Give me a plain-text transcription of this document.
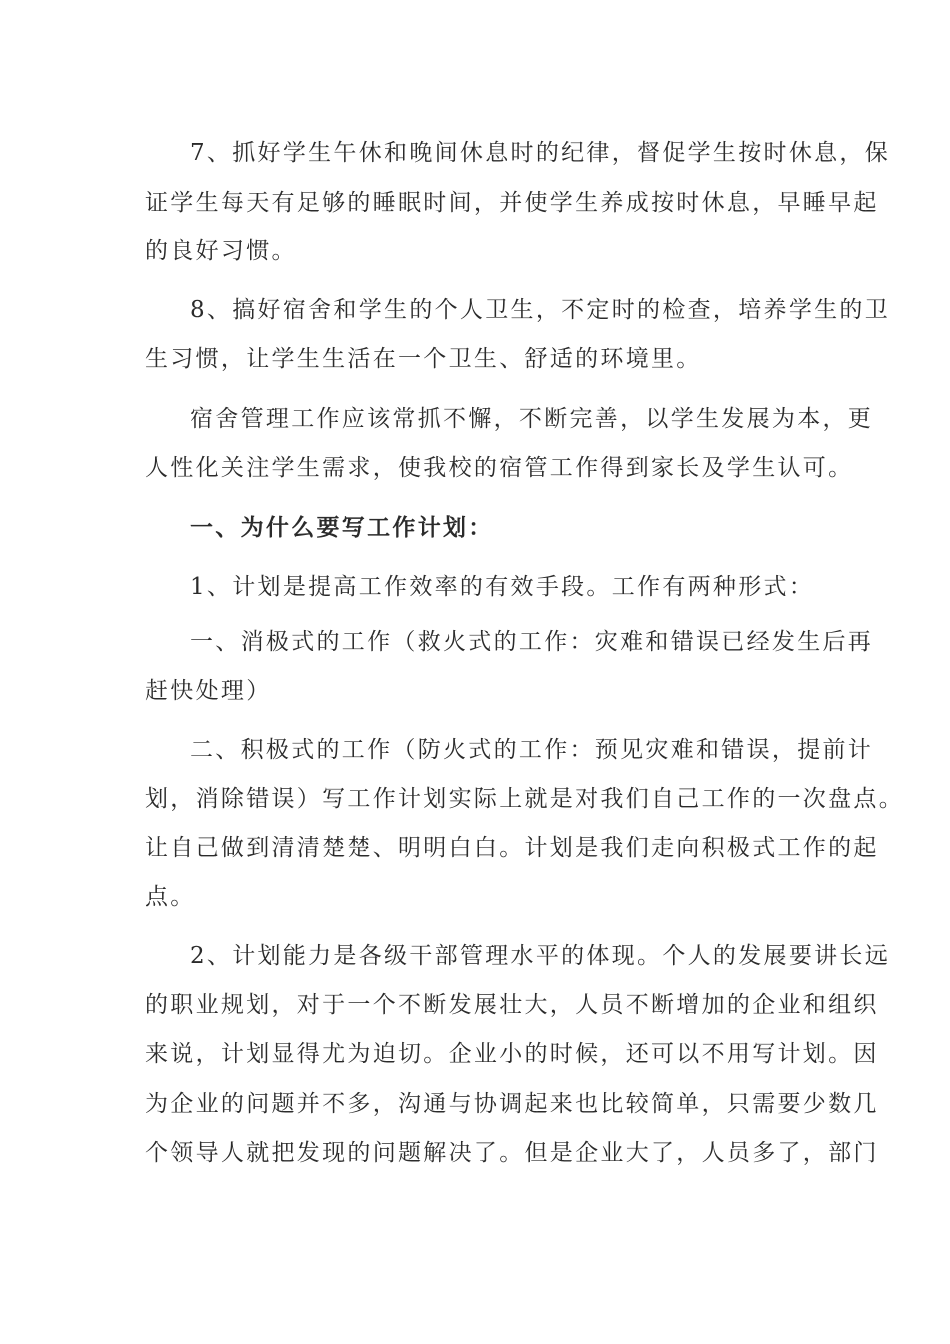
7、抓好学生午休和晚间休息时的纪律，督促学生按时休息，保
证学生每天有足够的睡眠时间，并使学生养成按时休息，早睡早起
的良好习惯。
8、搞好宿舍和学生的个人卫生，不定时的检查，培养学生的卫
生习惯，让学生生活在一个卫生、舒适的环境里。
宿舍管理工作应该常抓不懈，不断完善，以学生发展为本，更
人性化关注学生需求，使我校的宿管工作得到家长及学生认可。
一、为什么要写工作计划：
1、计划是提高工作效率的有效手段。工作有两种形式：
一、消极式的工作（救火式的工作：灾难和错误已经发生后再
赶快处理）
二、积极式的工作（防火式的工作：预见灾难和错误，提前计
划，消除错误）写工作计划实际上就是对我们自己工作的一次盘点。
让自己做到清清楚楚、明明白白。计划是我们走向积极式工作的起
点。
2、计划能力是各级干部管理水平的体现。个人的发展要讲长远
的职业规划，对于一个不断发展壮大，人员不断增加的企业和组织
来说，计划显得尤为迫切。企业小的时候，还可以不用写计划。因
为企业的问题并不多，沟通与协调起来也比较简单，只需要少数几
个领导人就把发现的问题解决了。但是企业大了，人员多了，部门
